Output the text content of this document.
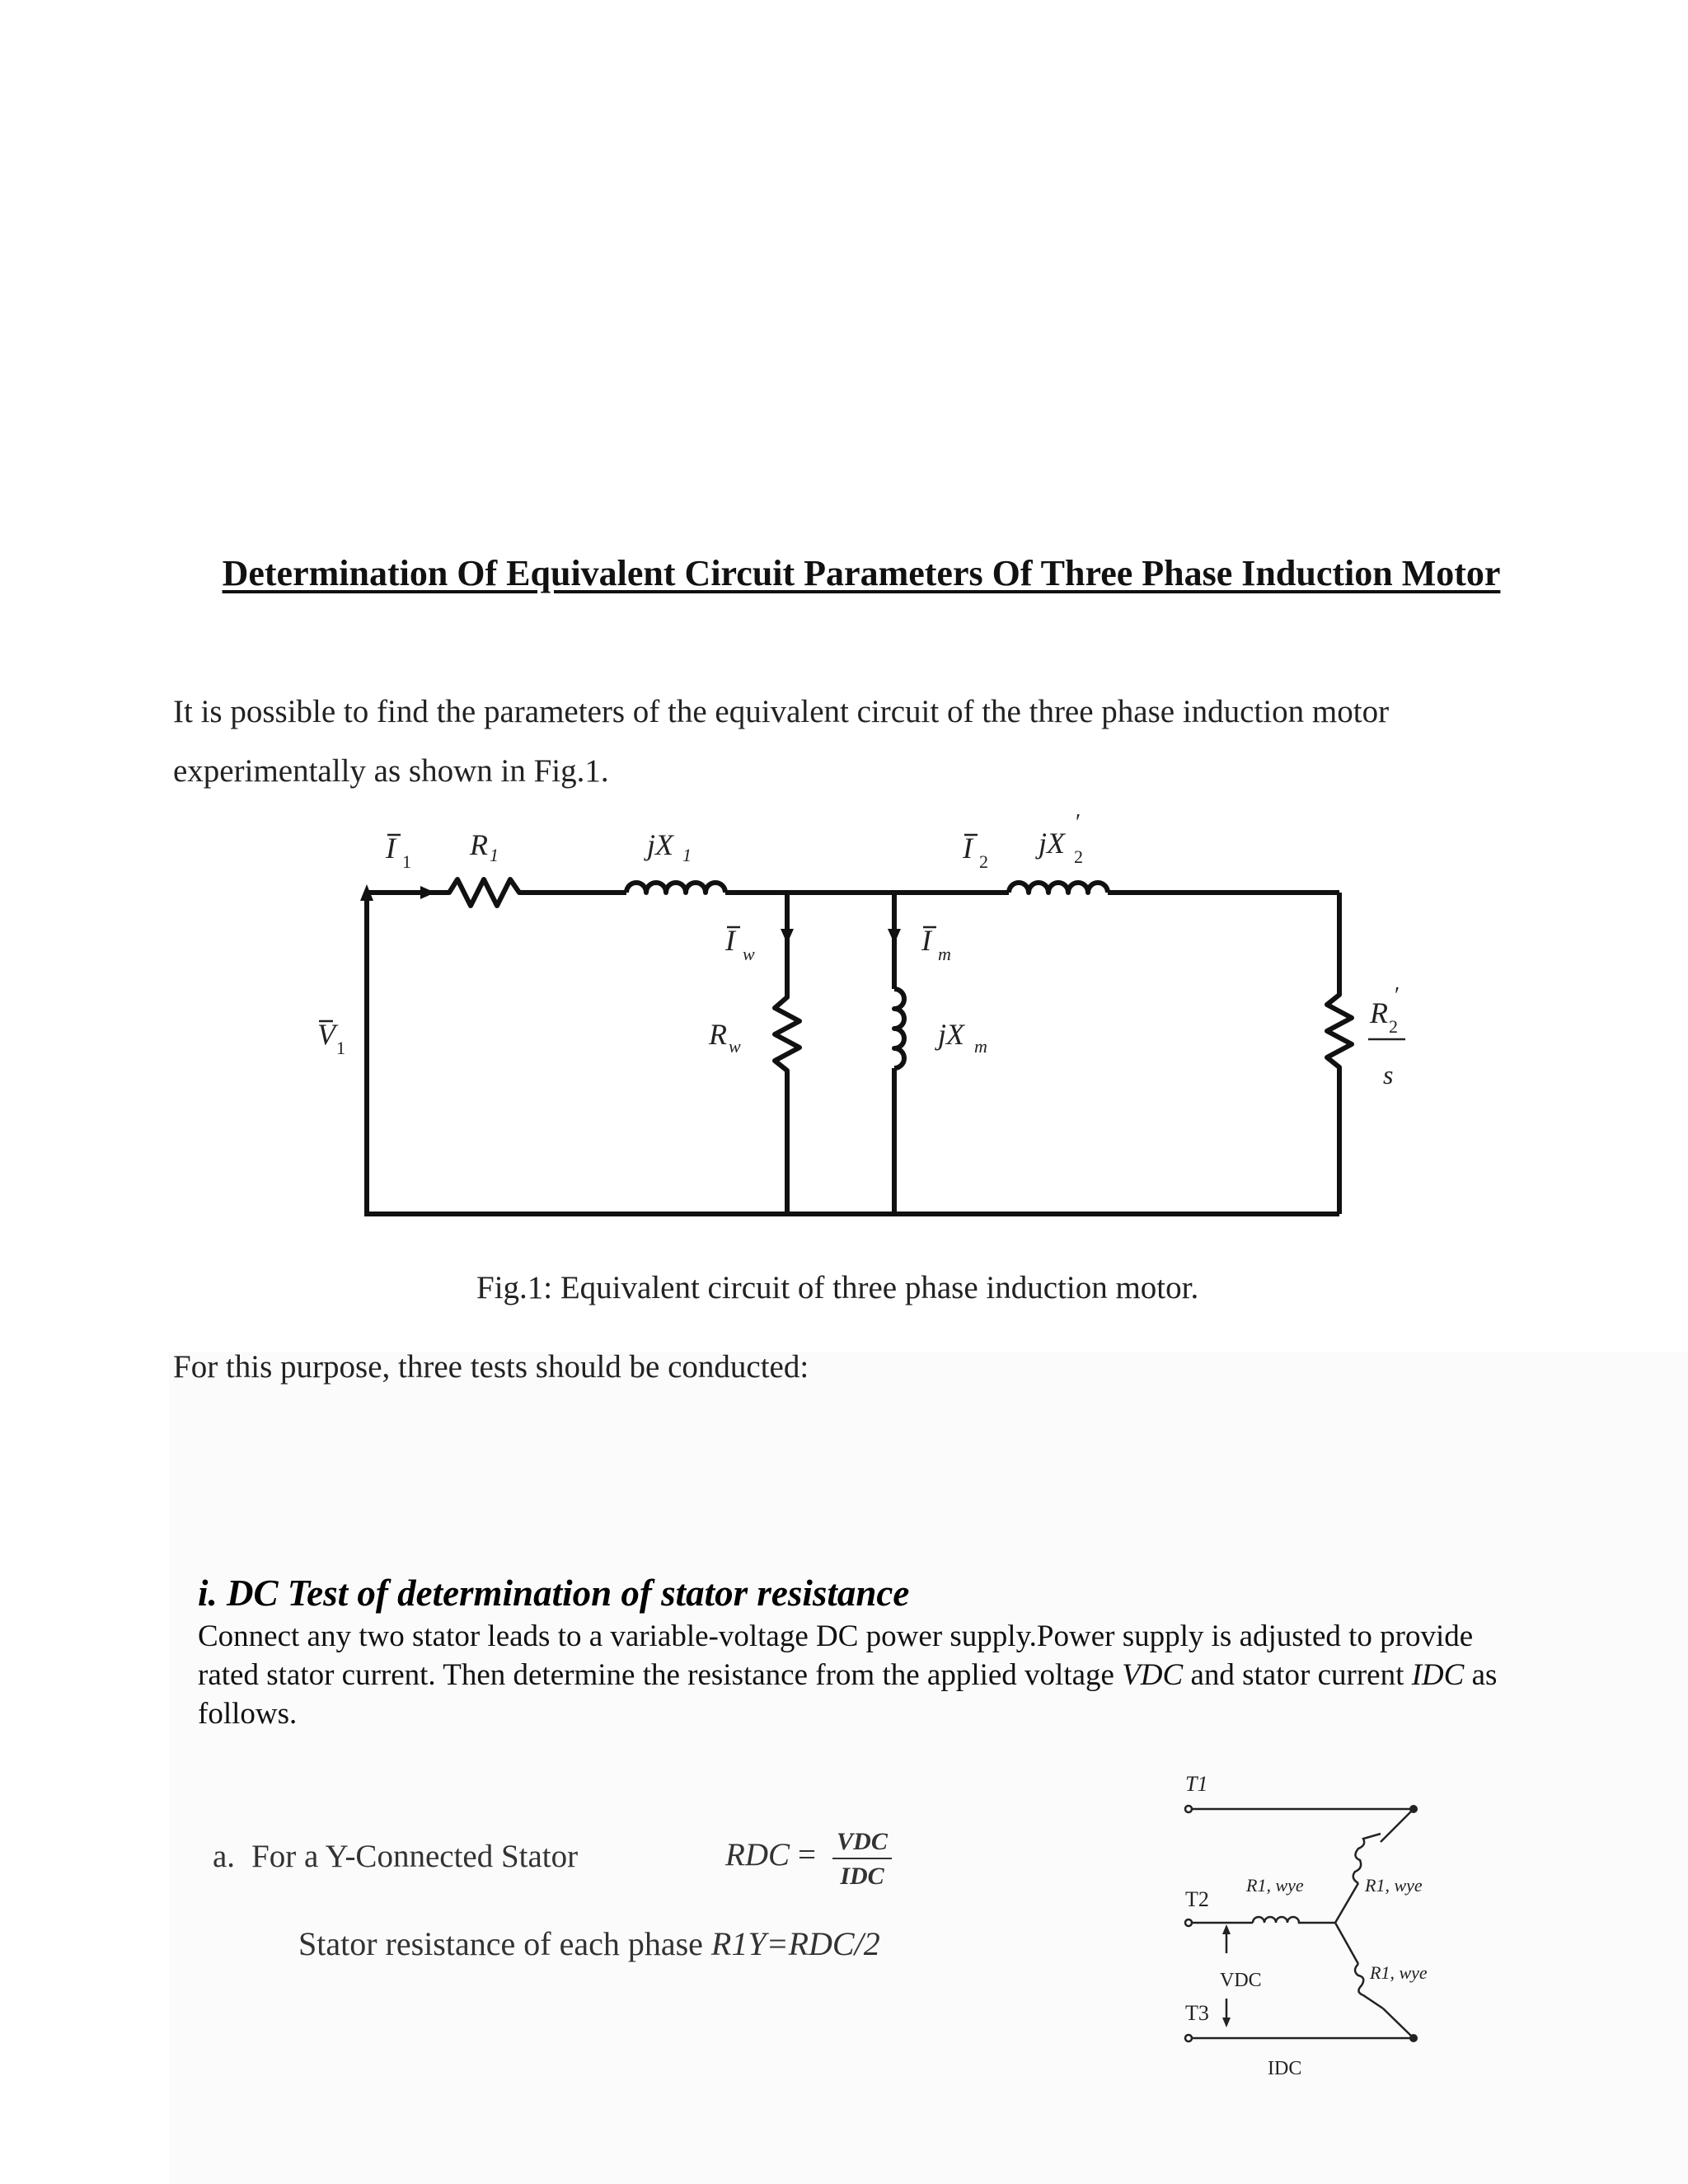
Determination Of Equivalent Circuit Parameters Of Three Phase Induction Motor
It is possible to find the parameters of the equivalent circuit of the three phase induction motor experimentally as shown in Fig.1.
I 1
R 1	jX 1	I 2
jX 2
I w	I m
V 1	R w	jX m
R 2
s
′
′
Fig.1: Equivalent circuit of three phase induction motor.
For this purpose, three tests should be conducted:
i. DC Test of determination of stator resistance
Connect any two stator leads to a variable-voltage DC power supply.Power supply is adjusted to provide rated stator current. Then determine the resistance from the applied voltage VDC and stator current IDC as follows.
a. For a Y-Connected Stator	RDC = VDC
IDC
Stator resistance of each phase R1Y=RDC/2
T1
T2
T3
R1, wye	R1, wye
R1, wye
VDC
IDC
